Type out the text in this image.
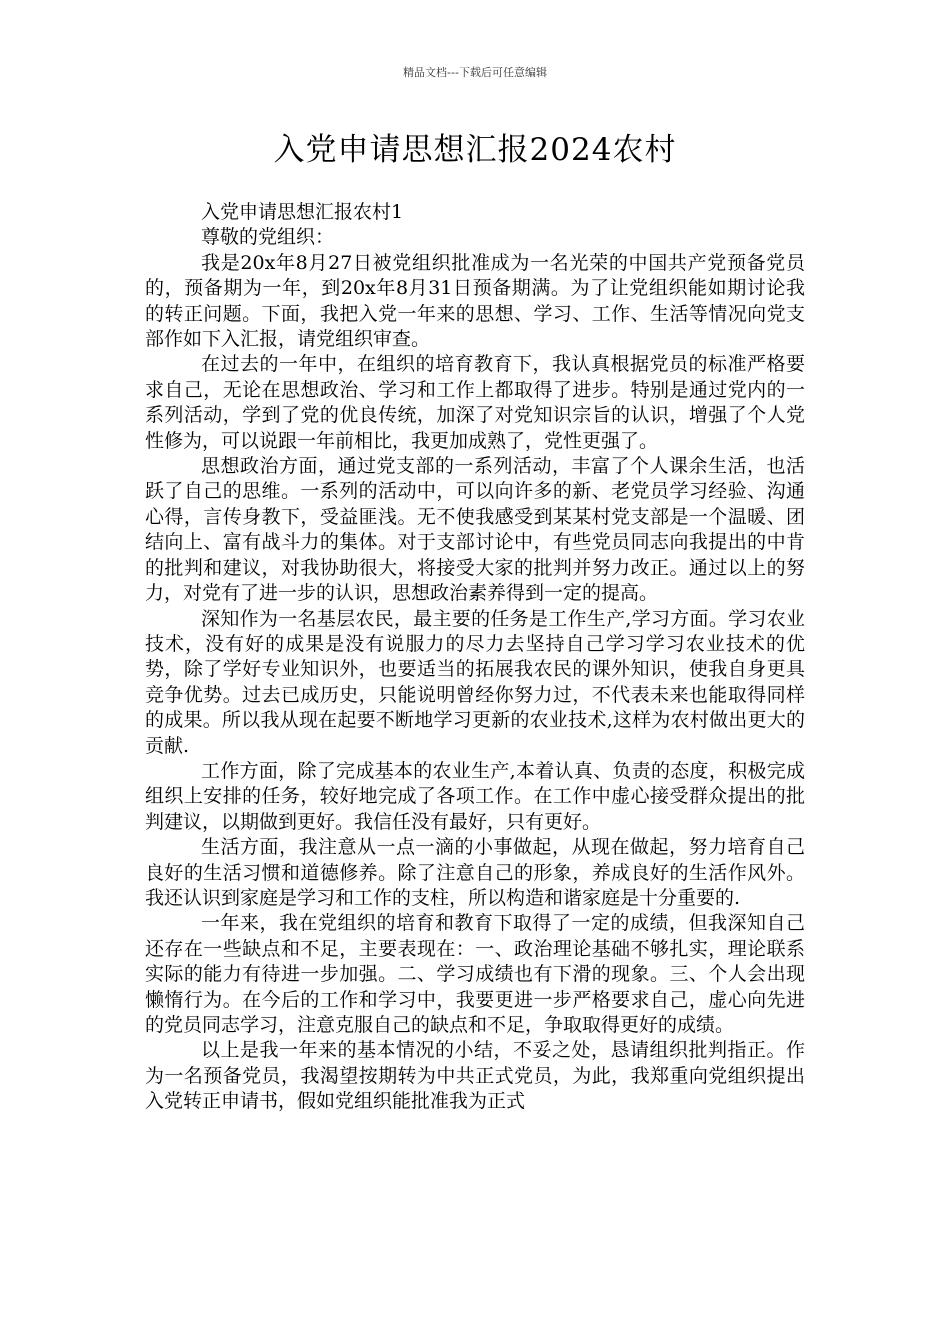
精品文档---下载后可任意编辑
入党申请思想汇报2024农村

入党申请思想汇报农村1

尊敬的党组织：

我是20x年8月27日被党组织批准成为一名光荣的中国共产党预备党员的，预备期为一年，到20x年8月31日预备期满。为了让党组织能如期讨论我的转正问题。下面，我把入党一年来的思想、学习、工作、生活等情况向党支部作如下入汇报，请党组织审查。

在过去的一年中，在组织的培育教育下，我认真根据党员的标准严格要求自己，无论在思想政治、学习和工作上都取得了进步。特别是通过党内的一系列活动，学到了党的优良传统，加深了对党知识宗旨的认识，增强了个人党性修为，可以说跟一年前相比，我更加成熟了，党性更强了。

思想政治方面，通过党支部的一系列活动，丰富了个人课余生活，也活跃了自己的思维。一系列的活动中，可以向许多的新、老党员学习经验、沟通心得，言传身教下，受益匪浅。无不使我感受到某某村党支部是一个温暖、团结向上、富有战斗力的集体。对于支部讨论中，有些党员同志向我提出的中肯的批判和建议，对我协助很大，将接受大家的批判并努力改正。通过以上的努力，对党有了进一步的认识，思想政治素养得到一定的提高。

深知作为一名基层农民，最主要的任务是工作生产,学习方面。学习农业技术，没有好的成果是没有说服力的尽力去坚持自己学习学习农业技术的优势，除了学好专业知识外，也要适当的拓展我农民的课外知识，使我自身更具竞争优势。过去已成历史，只能说明曾经你努力过，不代表未来也能取得同样的成果。所以我从现在起要不断地学习更新的农业技术,这样为农村做出更大的贡献.

工作方面，除了完成基本的农业生产,本着认真、负责的态度，积极完成组织上安排的任务，较好地完成了各项工作。在工作中虚心接受群众提出的批判建议，以期做到更好。我信任没有最好，只有更好。

生活方面，我注意从一点一滴的小事做起，从现在做起，努力培育自己良好的生活习惯和道德修养。除了注意自己的形象，养成良好的生活作风外。我还认识到家庭是学习和工作的支柱，所以构造和谐家庭是十分重要的.

一年来，我在党组织的培育和教育下取得了一定的成绩，但我深知自己还存在一些缺点和不足，主要表现在：一、政治理论基础不够扎实，理论联系实际的能力有待进一步加强。二、学习成绩也有下滑的现象。三、个人会出现懒惰行为。在今后的工作和学习中，我要更进一步严格要求自己，虚心向先进的党员同志学习，注意克服自己的缺点和不足，争取取得更好的成绩。

以上是我一年来的基本情况的小结，不妥之处，恳请组织批判指正。作为一名预备党员，我渴望按期转为中共正式党员，为此，我郑重向党组织提出入党转正申请书，假如党组织能批准我为正式
